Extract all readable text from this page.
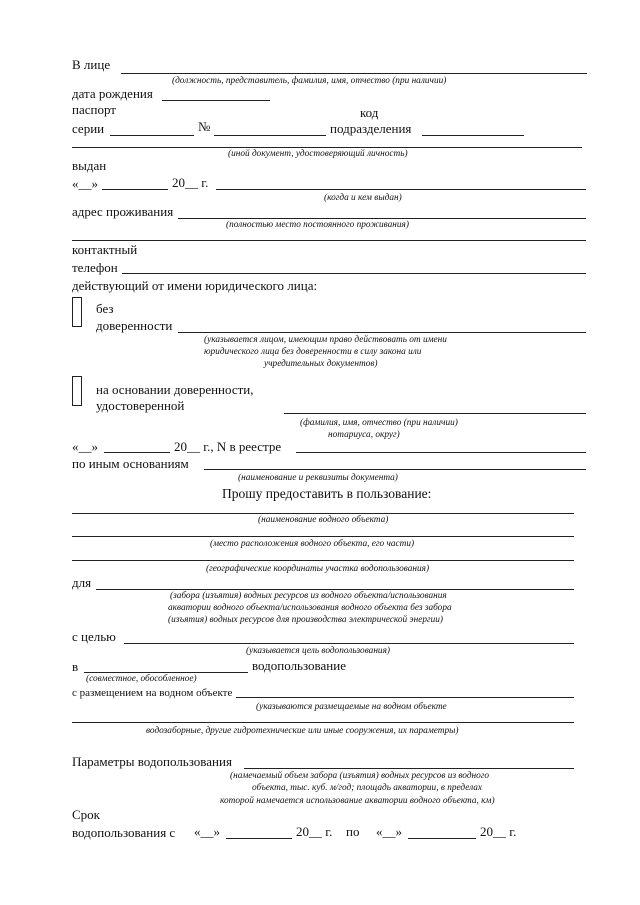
В лице
(должность, представитель, фамилия, имя, отчество (при наличии)
дата рождения
паспорт	код
серии	№	подразделения
(иной документ, удостоверяющий личность)
выдан
«__»	20__ г.
(когда и кем выдан)
адрес проживания
(полностью место постоянного проживания)
контактный
телефон
действующий от имени юридического лица:
без
доверенности
(указывается лицом, имеющим право действовать от имени
юридического лица без доверенности в силу закона или
учредительных документов)
на основании доверенности,
удостоверенной
(фамилия, имя, отчество (при наличии)
нотариуса, округ)
«__»	20__ г., N в реестре
по иным основаниям
(наименование и реквизиты документа)
Прошу предоставить в пользование:
(наименование водного объекта)
(место расположения водного объекта, его части)
(географические координаты участка водопользования)
для
(забора (изъятия) водных ресурсов из водного объекта/использования
акватории водного объекта/использования водного объекта без забора
(изъятия) водных ресурсов для производства электрической энергии)
с целью
(указывается цель водопользования)
в	водопользование
(совместное, обособленное)
с размещением на водном объекте
(указываются размещаемые на водном объекте
водозаборные, другие гидротехнические или иные сооружения, их параметры)
Параметры водопользования
(намечаемый объем забора (изъятия) водных ресурсов из водного
объекта, тыс. куб. м/год; площадь акватории, в пределах
которой намечается использование акватории водного объекта, км)
Срок
водопользования с «__»	20__ г. по «__»	20__ г.
